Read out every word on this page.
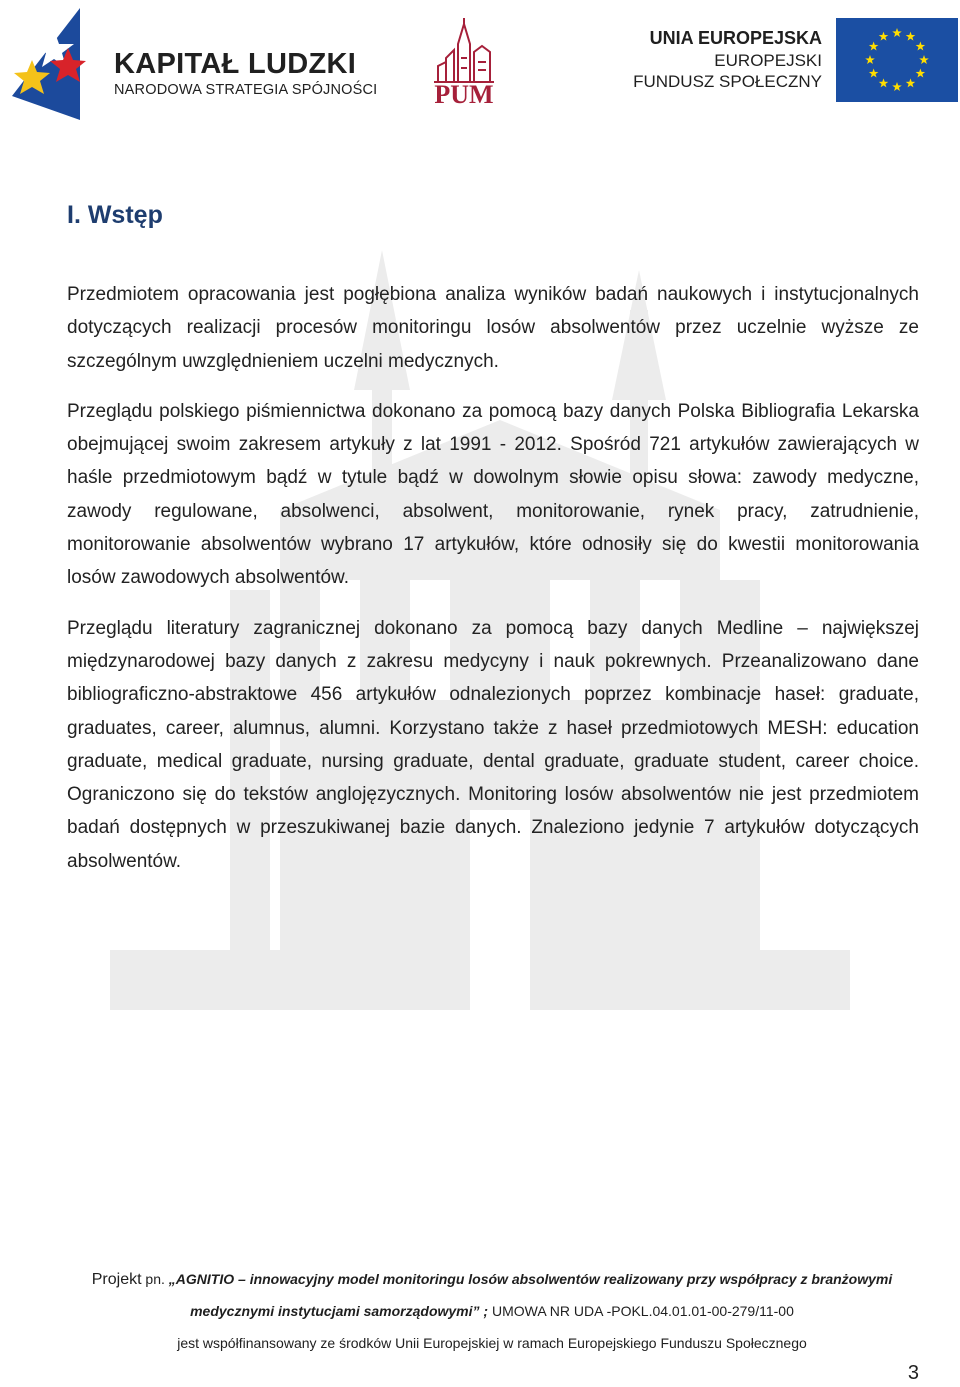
KAPITAŁ LUDZKI
NARODOWA STRATEGIA SPÓJNOŚCI PUM
UNIA EUROPEJSKA
EUROPEJSKI
FUNDUSZ SPOŁECZNY
I. Wstęp

Przedmiotem opracowania jest pogłębiona analiza wyników badań naukowych i instytucjonalnych dotyczących realizacji procesów monitoringu losów absolwentów przez uczelnie wyższe ze szczególnym uwzględnieniem uczelni medycznych.

Przeglądu polskiego piśmiennictwa dokonano za pomocą bazy danych Polska Bibliografia Lekarska obejmującej swoim zakresem artykuły z lat 1991 - 2012. Spośród 721 artykułów zawierających w haśle przedmiotowym bądź w tytule bądź w dowolnym słowie opisu słowa: zawody medyczne, zawody regulowane, absolwenci, absolwent, monitorowanie, rynek pracy, zatrudnienie, monitorowanie absolwentów wybrano 17 artykułów, które odnosiły się do kwestii monitorowania losów zawodowych absolwentów.

Przeglądu literatury zagranicznej dokonano za pomocą bazy danych Medline – największej międzynarodowej bazy danych z zakresu medycyny i nauk pokrewnych. Przeanalizowano dane bibliograficzno-abstraktowe 456 artykułów odnalezionych poprzez kombinacje haseł: graduate, graduates, career, alumnus, alumni. Korzystano także z haseł przedmiotowych MESH: education graduate, medical graduate, nursing graduate, dental graduate, graduate student, career choice. Ograniczono się do tekstów anglojęzycznych. Monitoring losów absolwentów nie jest przedmiotem badań dostępnych w przeszukiwanej bazie danych. Znaleziono jedynie 7 artykułów dotyczących absolwentów.

Projekt pn. „AGNITIO – innowacyjny model monitoringu losów absolwentów realizowany przy współpracy z branżowymi
medycznymi instytucjami samorządowymi” ; UMOWA NR UDA -POKL.04.01.01-00-279/11-00
jest współfinansowany ze środków Unii Europejskiej w ramach Europejskiego Funduszu Społecznego
3
